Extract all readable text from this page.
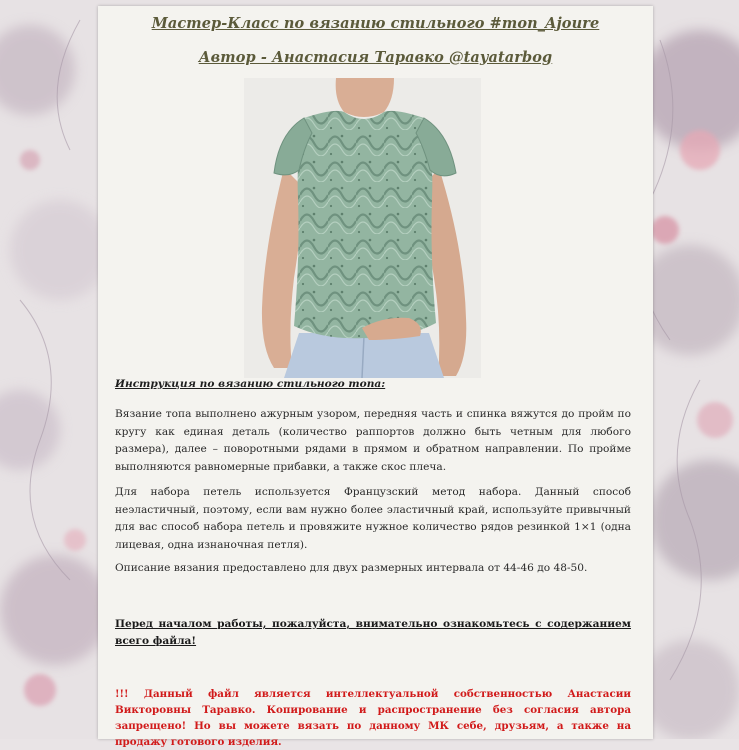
Мастер-Класс по вязанию стильного #топ_Ajoure
Автор - Анастасия Таравко @tayatarbog

Инструкция по вязанию стильного топа:

Вязание топа выполнено ажурным узором, передняя часть и спинка вяжутся до пройм по кругу как единая деталь (количество раппортов должно быть четным для любого размера), далее – поворотными рядами в прямом и обратном направлении. По пройме выполняются равномерные прибавки, а также скос плеча.

Для набора петель используется Французский метод набора. Данный способ неэластичный, поэтому, если вам нужно более эластичный край, используйте привычный для вас способ набора петель и провяжите нужное количество рядов резинкой 1×1 (одна лицевая, одна изнаночная петля).

Описание вязания предоставлено для двух размерных интервала от 44-46 до 48-50.

Перед началом работы, пожалуйста, внимательно ознакомьтесь с содержанием всего файла!

!!! Данный файл является интеллектуальной собственностью Анастасии Викторовны Таравко. Копирование и распространение без согласия автора запрещено! Но вы можете вязать по данному МК себе, друзьям, а также на продажу готового изделия.
